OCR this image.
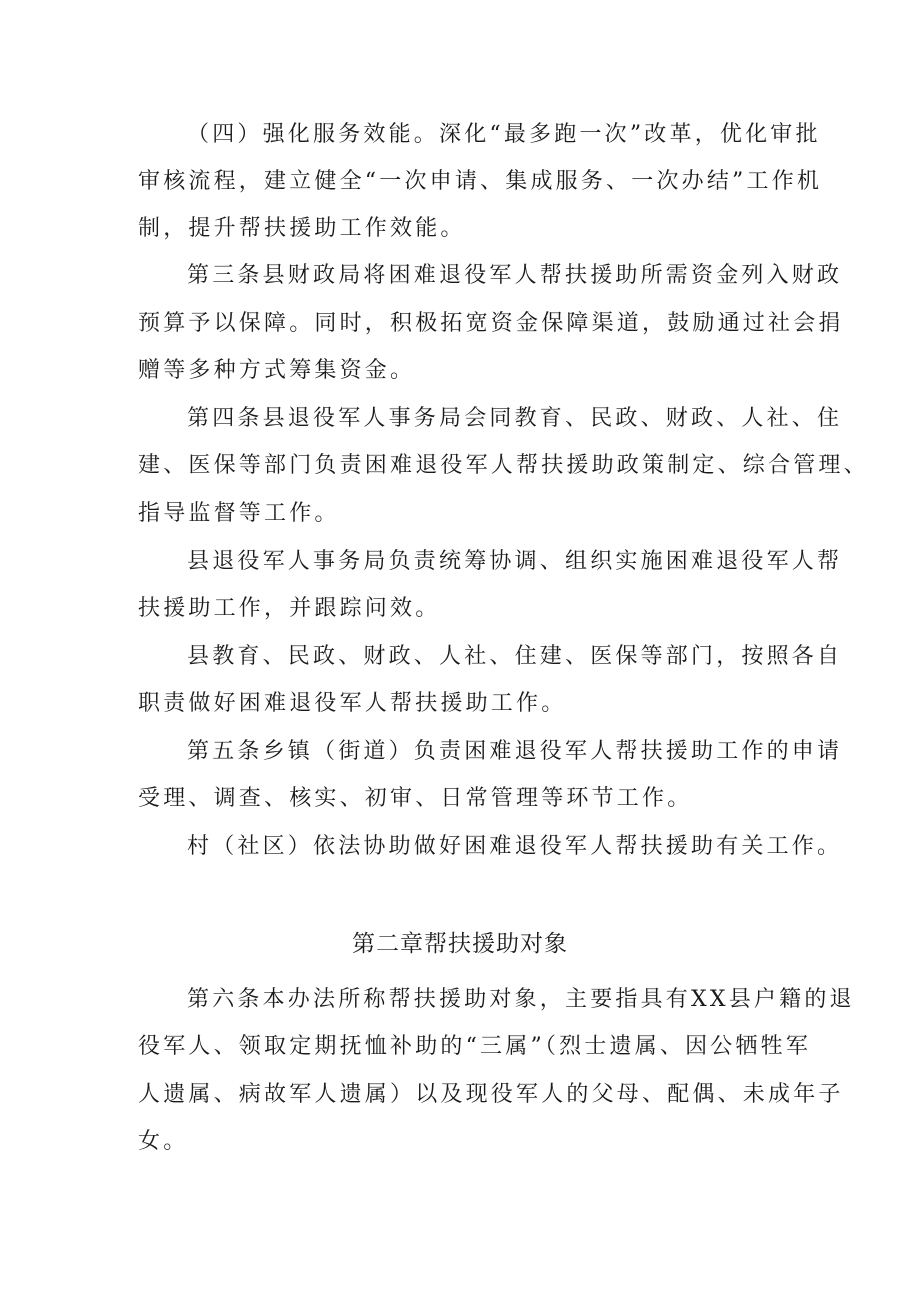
（四）强化服务效能。深化“最多跑一次”改革，优化审批
审核流程，建立健全“一次申请、集成服务、一次办结”工作机
制，提升帮扶援助工作效能。
第三条县财政局将困难退役军人帮扶援助所需资金列入财政
预算予以保障。同时，积极拓宽资金保障渠道，鼓励通过社会捐
赠等多种方式筹集资金。
第四条县退役军人事务局会同教育、民政、财政、人社、住
建、医保等部门负责困难退役军人帮扶援助政策制定、综合管理、
指导监督等工作。
县退役军人事务局负责统筹协调、组织实施困难退役军人帮
扶援助工作，并跟踪问效。
县教育、民政、财政、人社、住建、医保等部门，按照各自
职责做好困难退役军人帮扶援助工作。
第五条乡镇（街道）负责困难退役军人帮扶援助工作的申请
受理、调查、核实、初审、日常管理等环节工作。
村（社区）依法协助做好困难退役军人帮扶援助有关工作。
第二章帮扶援助对象
第六条本办法所称帮扶援助对象，主要指具有XX县户籍的退
役军人、领取定期抚恤补助的“三属”（烈士遗属、因公牺牲军
人遗属、病故军人遗属）以及现役军人的父母、配偶、未成年子
女。
